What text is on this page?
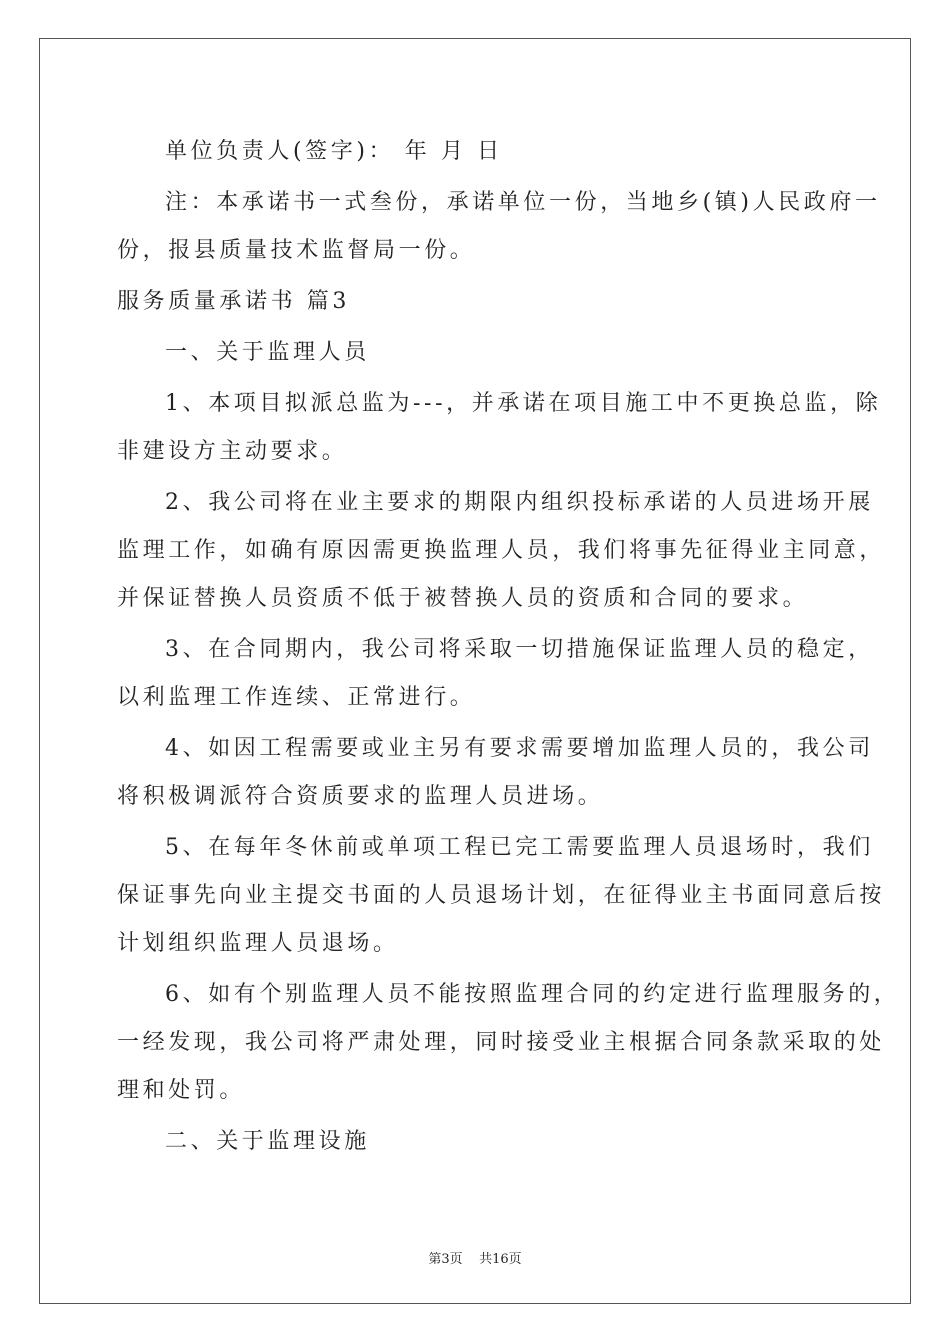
单位负责人(签字)： 年 月 日
注：本承诺书一式叁份，承诺单位一份，当地乡(镇)人民政府一
份，报县质量技术监督局一份。
服务质量承诺书 篇3
一、关于监理人员
1、本项目拟派总监为---，并承诺在项目施工中不更换总监，除
非建设方主动要求。
2、我公司将在业主要求的期限内组织投标承诺的人员进场开展
监理工作，如确有原因需更换监理人员，我们将事先征得业主同意，
并保证替换人员资质不低于被替换人员的资质和合同的要求。
3、在合同期内，我公司将采取一切措施保证监理人员的稳定，
以利监理工作连续、正常进行。
4、如因工程需要或业主另有要求需要增加监理人员的，我公司
将积极调派符合资质要求的监理人员进场。
5、在每年冬休前或单项工程已完工需要监理人员退场时，我们
保证事先向业主提交书面的人员退场计划，在征得业主书面同意后按
计划组织监理人员退场。
6、如有个别监理人员不能按照监理合同的约定进行监理服务的，
一经发现，我公司将严肃处理，同时接受业主根据合同条款采取的处
理和处罚。
二、关于监理设施
第3页 共16页
